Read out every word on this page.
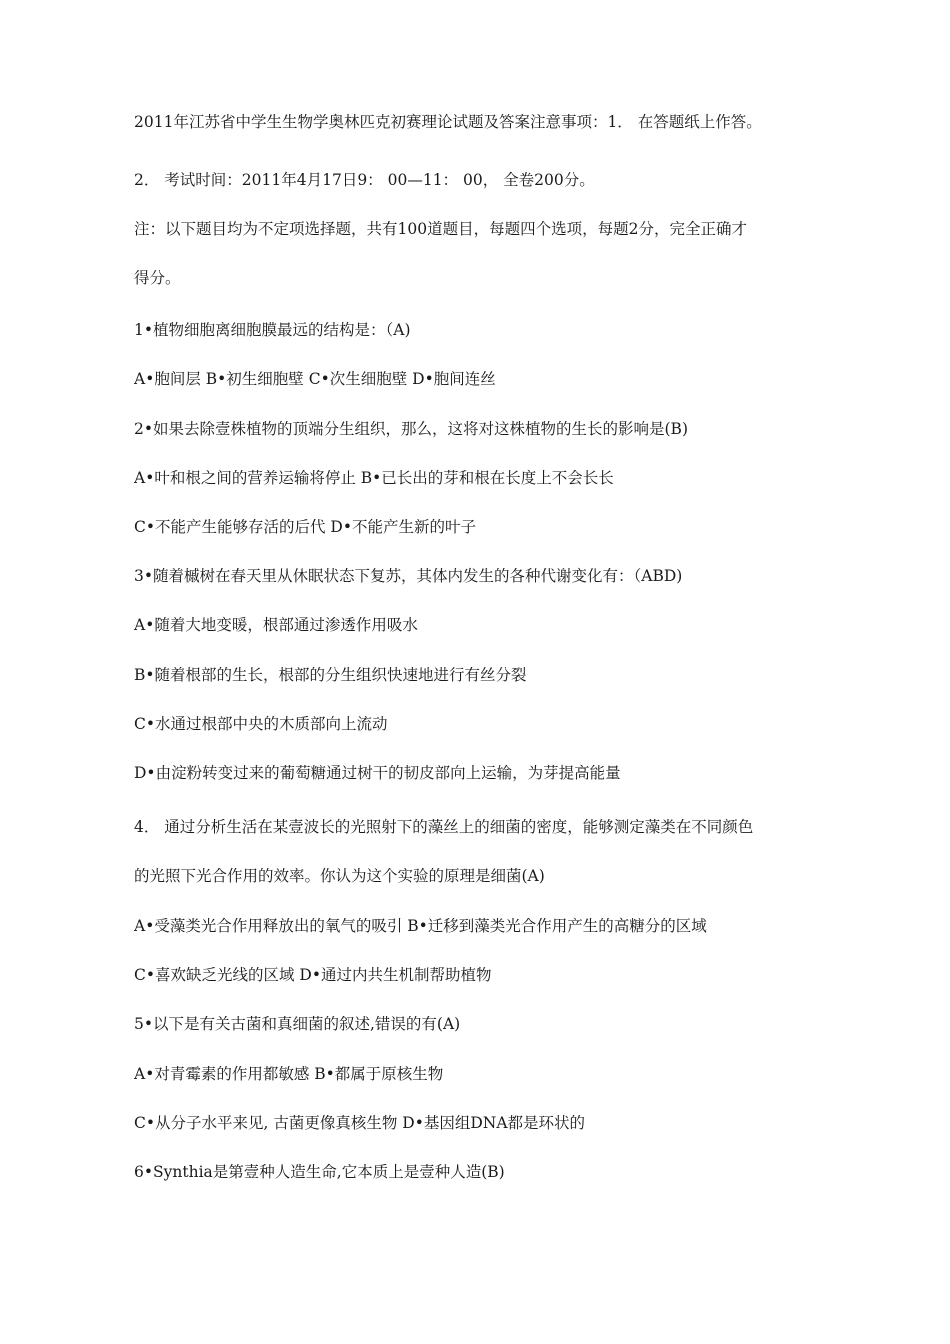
2011年江苏省中学生生物学奥林匹克初赛理论试题及答案注意事项：1． 在答题纸上作答。
2． 考试时间：2011年4月17日9： 00—11： 00， 全卷200分。
注：以下题目均为不定项选择题，共有100道题目，每题四个选项，每题2分，完全正确才
得分。
1•植物细胞离细胞膜最远的结构是：（A)
A•胞间层 B•初生细胞壁 C•次生细胞壁 D•胞间连丝
2•如果去除壹株植物的顶端分生组织，那么，这将对这株植物的生长的影响是(B)
A•叶和根之间的营养运输将停止 B•已长出的芽和根在长度上不会长长
C•不能产生能够存活的后代 D•不能产生新的叶子
3•随着槭树在春天里从休眠状态下复苏，其体内发生的各种代谢变化有：（ABD)
A•随着大地变暖，根部通过渗透作用吸水
B•随着根部的生长，根部的分生组织快速地进行有丝分裂
C•水通过根部中央的木质部向上流动
D•由淀粉转变过来的葡萄糖通过树干的韧皮部向上运输，为芽提高能量
4． 通过分析生活在某壹波长的光照射下的藻丝上的细菌的密度，能够测定藻类在不同颜色
的光照下光合作用的效率。你认为这个实验的原理是细菌(A)
A•受藻类光合作用释放出的氧气的吸引 B•迁移到藻类光合作用产生的高糖分的区域
C•喜欢缺乏光线的区域 D•通过内共生机制帮助植物
5•以下是有关古菌和真细菌的叙述,错误的有(A)
A•对青霉素的作用都敏感 B•都属于原核生物
C•从分子水平来见, 古菌更像真核生物 D•基因组DNA都是环状的
6•Synthia是第壹种人造生命,它本质上是壹种人造(B)
